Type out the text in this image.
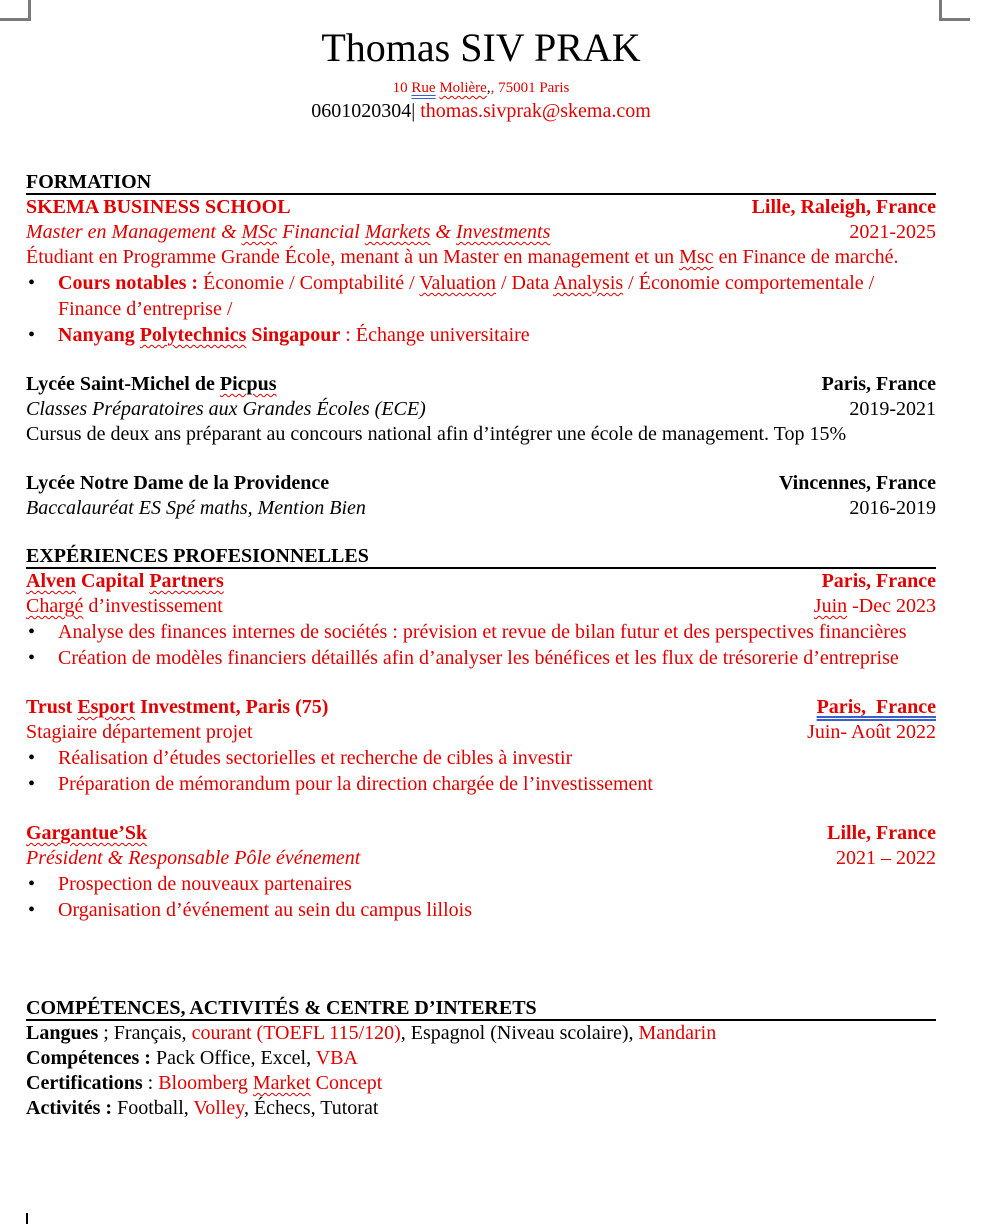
Thomas SIV PRAK
10 Rue Molière,, 75001 Paris
0601020304| thomas.sivprak@skema.com
FORMATION
SKEMA BUSINESS SCHOOL	Lille, Raleigh, France
Master en Management & MSc Financial Markets & Investments	2021-2025
Étudiant en Programme Grande École, menant à un Master en management et un Msc en Finance de marché.
• Cours notables : Économie / Comptabilité / Valuation / Data Analysis / Économie comportementale / Finance d’entreprise /
• Nanyang Polytechnics Singapour : Échange universitaire
Lycée Saint-Michel de Picpus	Paris, France
Classes Préparatoires aux Grandes Écoles (ECE)	2019-2021
Cursus de deux ans préparant au concours national afin d’intégrer une école de management. Top 15%
Lycée Notre Dame de la Providence	Vincennes, France
Baccalauréat ES Spé maths, Mention Bien	2016-2019
EXPÉRIENCES PROFESIONNELLES
Alven Capital Partners	Paris, France
Chargé d’investissement	Juin -Dec 2023
• Analyse des finances internes de sociétés : prévision et revue de bilan futur et des perspectives financières
• Création de modèles financiers détaillés afin d’analyser les bénéfices et les flux de trésorerie d’entreprise
Trust Esport Investment, Paris (75)	Paris,  France
Stagiaire département projet	Juin- Août 2022
• Réalisation d’études sectorielles et recherche de cibles à investir
• Préparation de mémorandum pour la direction chargée de l’investissement
Gargantue’Sk	Lille, France
Président & Responsable Pôle événement	2021 – 2022
• Prospection de nouveaux partenaires
• Organisation d’événement au sein du campus lillois
COMPÉTENCES, ACTIVITÉS & CENTRE D’INTERETS
Langues ; Français, courant (TOEFL 115/120), Espagnol (Niveau scolaire), Mandarin
Compétences : Pack Office, Excel, VBA
Certifications : Bloomberg Market Concept
Activités : Football, Volley, Échecs, Tutorat
